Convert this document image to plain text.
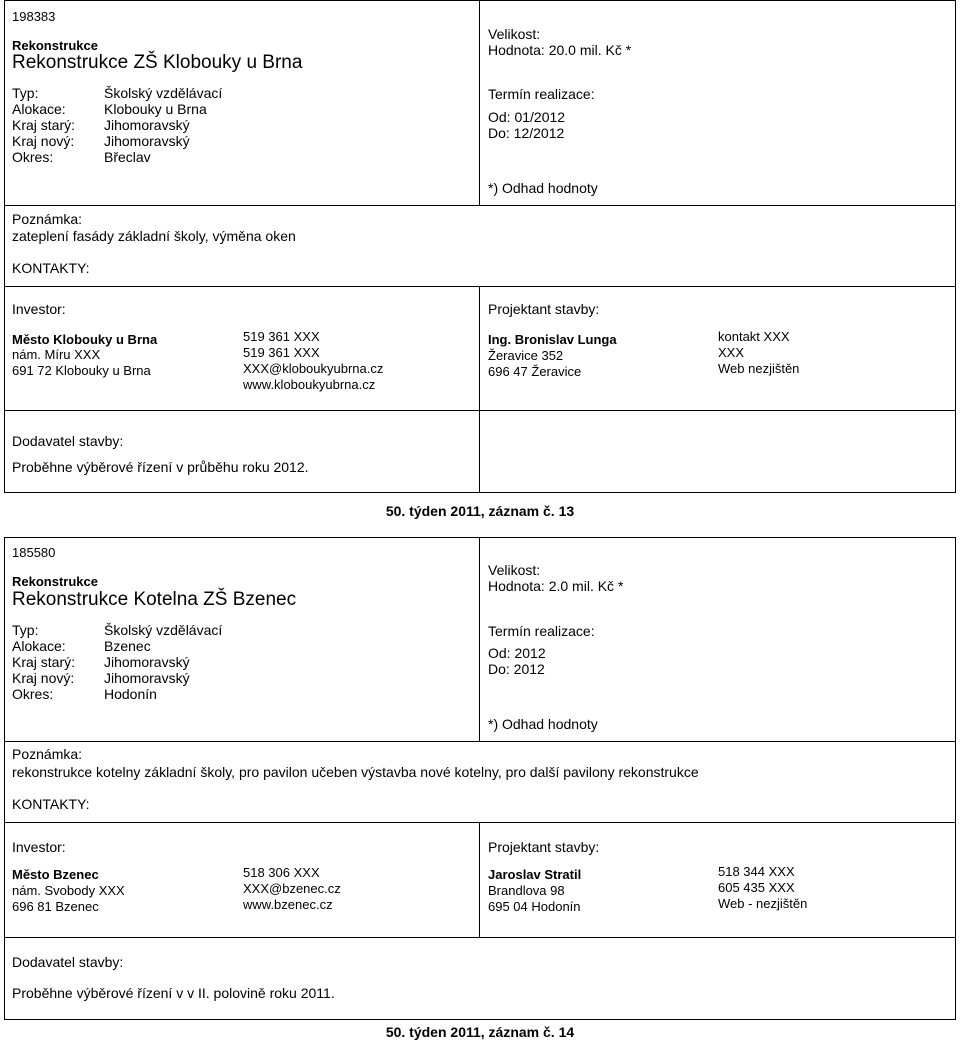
198383
Rekonstrukce
Rekonstrukce ZŠ Klobouky u Brna
Typ:	Školský vzdělávací
Alokace:	Klobouky u Brna
Kraj starý: Jihomoravský
Kraj nový: Jihomoravský
Okres:	Břeclav
Velikost:
Hodnota: 20.0 mil. Kč *
Termín realizace:
Od: 01/2012
Do: 12/2012
*) Odhad hodnoty
Poznámka:
zateplení fasády základní školy, výměna oken
KONTAKTY:
Investor:
Město Klobouky u Brna
nám. Míru XXX
691 72 Klobouky u Brna
519 361 XXX
519 361 XXX
XXX@kloboukyubrna.cz
www.kloboukyubrna.cz
Projektant stavby:
Ing. Bronislav Lunga
Žeravice 352
696 47 Žeravice
kontakt XXX
XXX
Web nezjištěn
Dodavatel stavby:
Proběhne výběrové řízení v průběhu roku 2012.
50. týden 2011, záznam č. 13
185580
Rekonstrukce
Rekonstrukce Kotelna ZŠ Bzenec
Typ:	Školský vzdělávací
Alokace:	Bzenec
Kraj starý: Jihomoravský
Kraj nový: Jihomoravský
Okres:	Hodonín
Velikost:
Hodnota: 2.0 mil. Kč *
Termín realizace:
Od: 2012
Do: 2012
*) Odhad hodnoty
Poznámka:
rekonstrukce kotelny základní školy, pro pavilon učeben výstavba nové kotelny, pro další pavilony rekonstrukce
KONTAKTY:
Investor:
Město Bzenec
nám. Svobody XXX
696 81 Bzenec
518 306 XXX
XXX@bzenec.cz
www.bzenec.cz
Projektant stavby:
Jaroslav Stratil
Brandlova 98
695 04 Hodonín
518 344 XXX
605 435 XXX
Web - nezjištěn
Dodavatel stavby:
Proběhne výběrové řízení v v II. polovině roku 2011.
50. týden 2011, záznam č. 14
